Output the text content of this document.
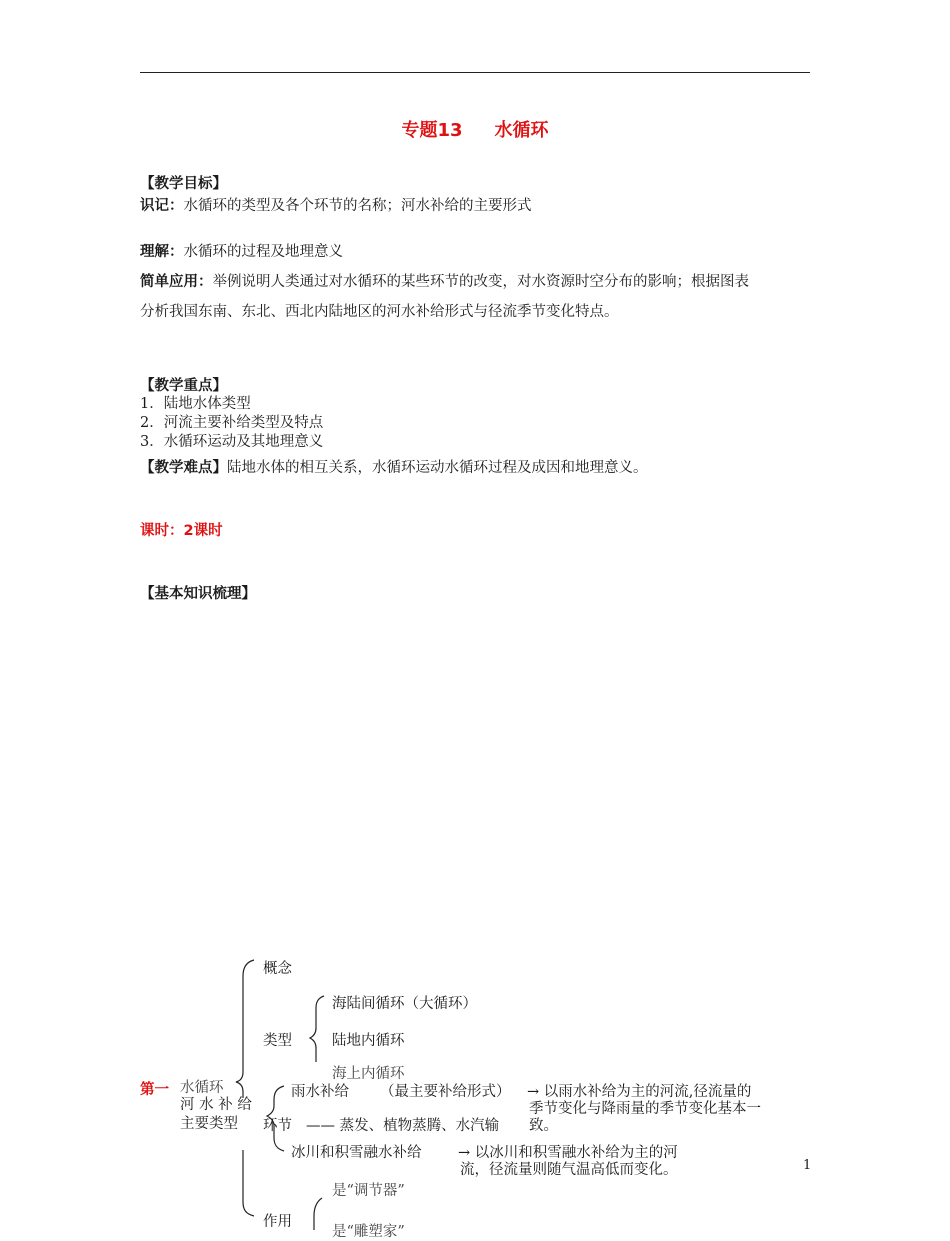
专题13 水循环
【教学目标】
识记：水循环的类型及各个环节的名称；河水补给的主要形式
理解：水循环的过程及地理意义
简单应用：举例说明人类通过对水循环的某些环节的改变，对水资源时空分布的影响；根据图表
分析我国东南、东北、西北内陆地区的河水补给形式与径流季节变化特点。
【教学重点】
1．陆地水体类型
2．河流主要补给类型及特点
3．水循环运动及其地理意义
【教学难点】陆地水体的相互关系，水循环运动水循环过程及成因和地理意义。
课时：2课时
【基本知识梳理】
概念
海陆间循环（大循环）
类型	陆地内循环
海上内循环
第一 水循环
河 水 补 给
主要类型
雨水补给 （最主要补给形式） → 以雨水补给为主的河流,径流量的
季节变化与降雨量的季节变化基本一
致。
环节 —— 蒸发、植物蒸腾、水汽输
冰川和积雪融水补给	→ 以冰川和积雪融水补给为主的河
流，径流量则随气温高低而变化。
是“调节器”
作用
是“雕塑家”
1
